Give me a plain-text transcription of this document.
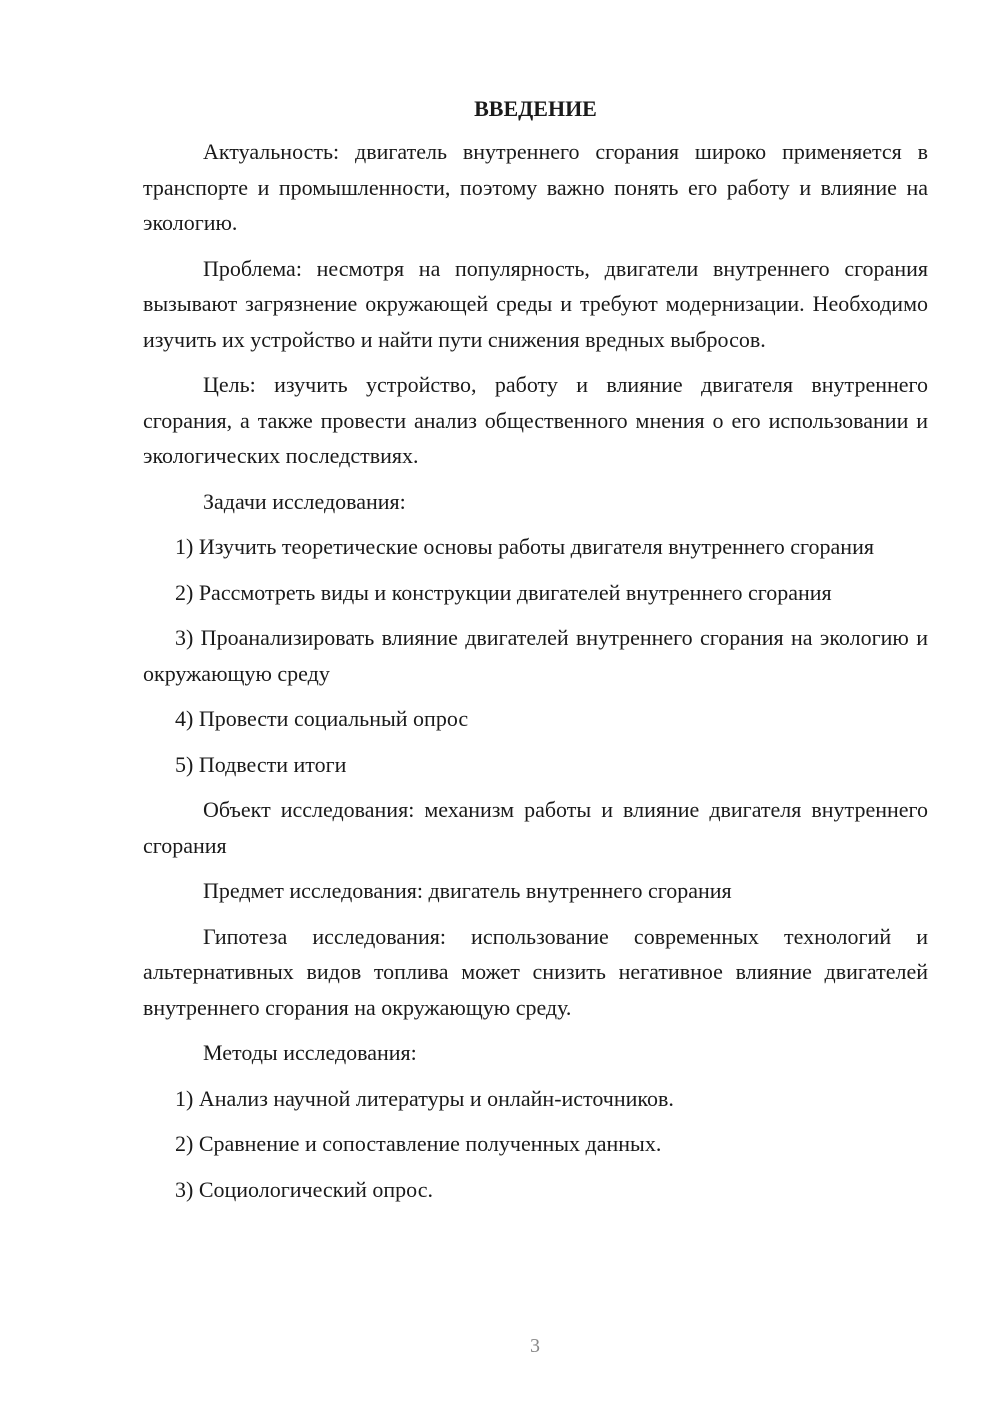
ВВЕДЕНИЕ

Актуальность: двигатель внутреннего сгорания широко применяется в транспорте и промышленности, поэтому важно понять его работу и влияние на экологию.

Проблема: несмотря на популярность, двигатели внутреннего сгорания вызывают загрязнение окружающей среды и требуют модернизации. Необходимо изучить их устройство и найти пути снижения вредных выбросов.

Цель: изучить устройство, работу и влияние двигателя внутреннего сгорания, а также провести анализ общественного мнения о его использовании и экологических последствиях.

Задачи исследования:

1) Изучить теоретические основы работы двигателя внутреннего сгорания

2) Рассмотреть виды и конструкции двигателей внутреннего сгорания

3) Проанализировать влияние двигателей внутреннего сгорания на экологию и окружающую среду

4) Провести социальный опрос

5) Подвести итоги

Объект исследования: механизм работы и влияние двигателя внутреннего сгорания

Предмет исследования: двигатель внутреннего сгорания

Гипотеза исследования: использование современных технологий и альтернативных видов топлива может снизить негативное влияние двигателей внутреннего сгорания на окружающую среду.

Методы исследования:

1) Анализ научной литературы и онлайн-источников.

2) Сравнение и сопоставление полученных данных.

3) Социологический опрос.

3
